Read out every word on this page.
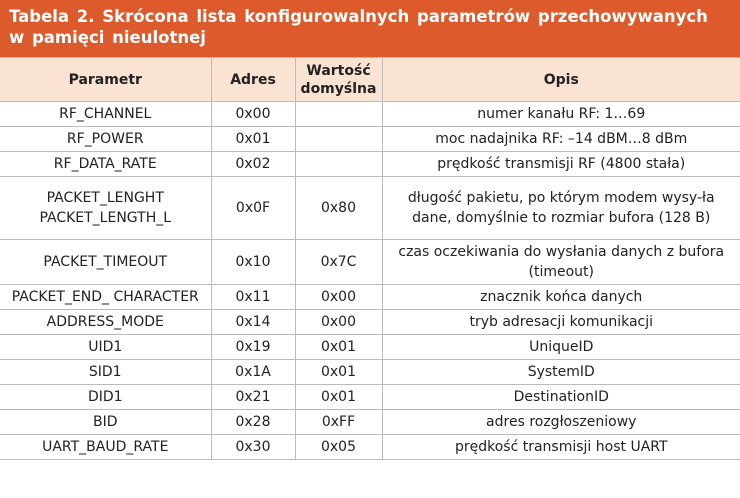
Tabela 2. Skrócona lista konfigurowalnych parametrów przechowywanych w pamięci nieulotnej
Parametr	Adres	Wartość domyślna	Opis
RF_CHANNEL	0x00		numer kanału RF: 1…69
RF_POWER	0x01		moc nadajnika RF: –14 dBM…8 dBm
RF_DATA_RATE	0x02		prędkość transmisji RF (4800 stała)
PACKET_LENGHT PACKET_LENGTH_L	0x0F	0x80	długość pakietu, po którym modem wysy-ła dane, domyślnie to rozmiar bufora (128 B)
PACKET_TIMEOUT	0x10	0x7C	czas oczekiwania do wysłania danych z bufora (timeout)
PACKET_END_ CHARACTER	0x11	0x00	znacznik końca danych
ADDRESS_MODE	0x14	0x00	tryb adresacji komunikacji
UID1	0x19	0x01	UniqueID
SID1	0x1A	0x01	SystemID
DID1	0x21	0x01	DestinationID
BID	0x28	0xFF	adres rozgłoszeniowy
UART_BAUD_RATE	0x30	0x05	prędkość transmisji host UART
